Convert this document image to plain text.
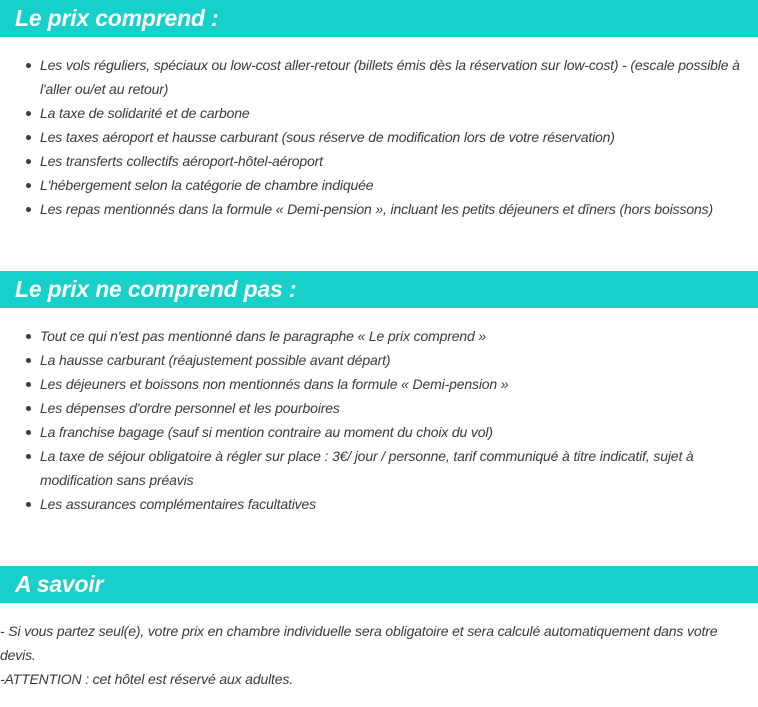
Le prix comprend :
Les vols réguliers, spéciaux ou low-cost aller-retour (billets émis dès la réservation sur low-cost) - (escale possible à l'aller ou/et au retour)
La taxe de solidarité et de carbone
Les taxes aéroport et hausse carburant (sous réserve de modification lors de votre réservation)
Les transferts collectifs aéroport-hôtel-aéroport
L'hébergement selon la catégorie de chambre indiquée
Les repas mentionnés dans la formule « Demi-pension », incluant les petits déjeuners et dîners (hors boissons)
Le prix ne comprend pas :
Tout ce qui n'est pas mentionné dans le paragraphe « Le prix comprend »
La hausse carburant (réajustement possible avant départ)
Les déjeuners et boissons non mentionnés dans la formule « Demi-pension »
Les dépenses d'ordre personnel et les pourboires
La franchise bagage (sauf si mention contraire au moment du choix du vol)
La taxe de séjour obligatoire à régler sur place : 3€/ jour / personne, tarif communiqué à titre indicatif, sujet à modification sans préavis
Les assurances complémentaires facultatives
A savoir

- Si vous partez seul(e), votre prix en chambre individuelle sera obligatoire et sera calculé automatiquement dans votre devis.

-ATTENTION : cet hôtel est réservé aux adultes.
